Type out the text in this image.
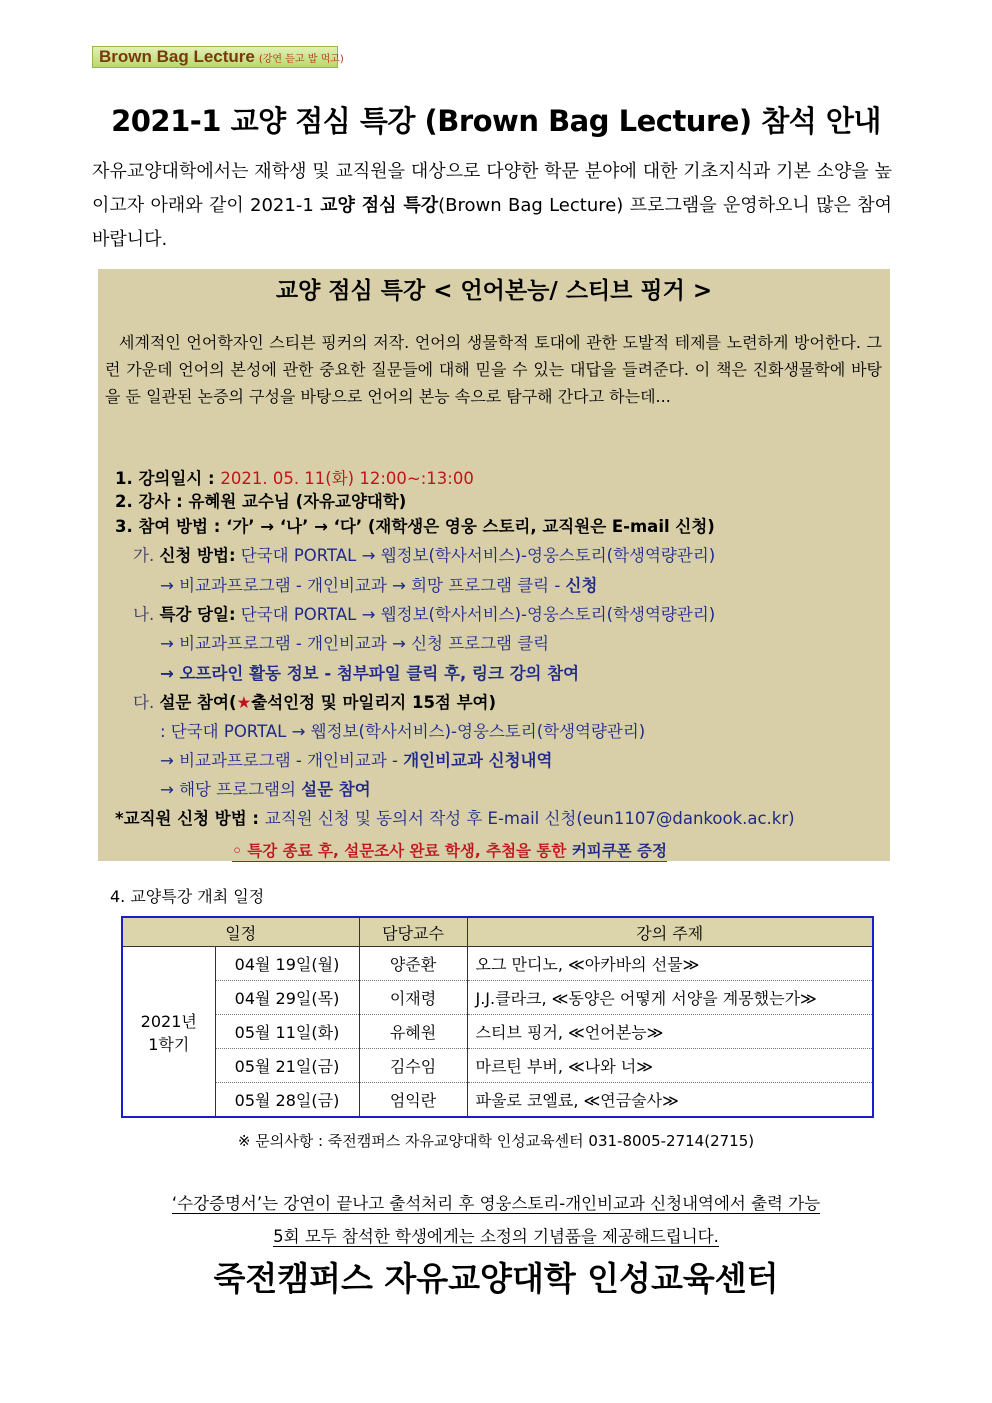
Brown Bag Lecture (강연 듣고 밥 먹고)
2021-1 교양 점심 특강 (Brown Bag Lecture) 참석 안내
자유교양대학에서는 재학생 및 교직원을 대상으로 다양한 학문 분야에 대한 기초지식과 기본 소양을 높이고자 아래와 같이 2021-1 교양 점심 특강(Brown Bag Lecture) 프로그램을 운영하오니 많은 참여 바랍니다.
교양 점심 특강 < 언어본능/ 스티브 핑거 >
세계적인 언어학자인 스티븐 핑커의 저작. 언어의 생물학적 토대에 관한 도발적 테제를 노련하게 방어한다. 그런 가운데 언어의 본성에 관한 중요한 질문들에 대해 믿을 수 있는 대답을 들려준다. 이 책은 진화생물학에 바탕을 둔 일관된 논증의 구성을 바탕으로 언어의 본능 속으로 탐구해 간다고 하는데...
1. 강의일시 : 2021. 05. 11(화) 12:00~:13:00
2. 강사 : 유혜원 교수님 (자유교양대학)
3. 참여 방법 : ‘가’ → ‘나’ → ‘다’ (재학생은 영웅 스토리, 교직원은 E-mail 신청)
가. 신청 방법: 단국대 PORTAL → 웹정보(학사서비스)-영웅스토리(학생역량관리)
→ 비교과프로그램 - 개인비교과 → 희망 프로그램 클릭 - 신청
나. 특강 당일: 단국대 PORTAL → 웹정보(학사서비스)-영웅스토리(학생역량관리)
→ 비교과프로그램 - 개인비교과 → 신청 프로그램 클릭
→ 오프라인 활동 정보 - 첨부파일 클릭 후, 링크 강의 참여
다. 설문 참여(★출석인정 및 마일리지 15점 부여)
: 단국대 PORTAL → 웹정보(학사서비스)-영웅스토리(학생역량관리)
→ 비교과프로그램 - 개인비교과 - 개인비교과 신청내역
→ 해당 프로그램의 설문 참여
*교직원 신청 방법 : 교직원 신청 및 동의서 작성 후 E-mail 신청(eun1107@dankook.ac.kr)
◦ 특강 종료 후, 설문조사 완료 학생, 추첨을 통한 커피쿠폰 증정
4. 교양특강 개최 일정
일정		담당교수	강의 주제
2021년
1학기	04월 19일(월)	양준환	오그 만디노, ≪아카바의 선물≫
	04월 29일(목)	이재령	J.J.클라크, ≪동양은 어떻게 서양을 계몽했는가≫
	05월 11일(화)	유혜원	스티브 핑거, ≪언어본능≫
	05월 21일(금)	김수임	마르틴 부버, ≪나와 너≫
	05월 28일(금)	엄익란	파울로 코엘료, ≪연금술사≫
※ 문의사항 : 죽전캠퍼스 자유교양대학 인성교육센터 031-8005-2714(2715)
‘수강증명서’는 강연이 끝나고 출석처리 후 영웅스토리-개인비교과 신청내역에서 출력 가능
5회 모두 참석한 학생에게는 소정의 기념품을 제공해드립니다.
죽전캠퍼스 자유교양대학 인성교육센터
